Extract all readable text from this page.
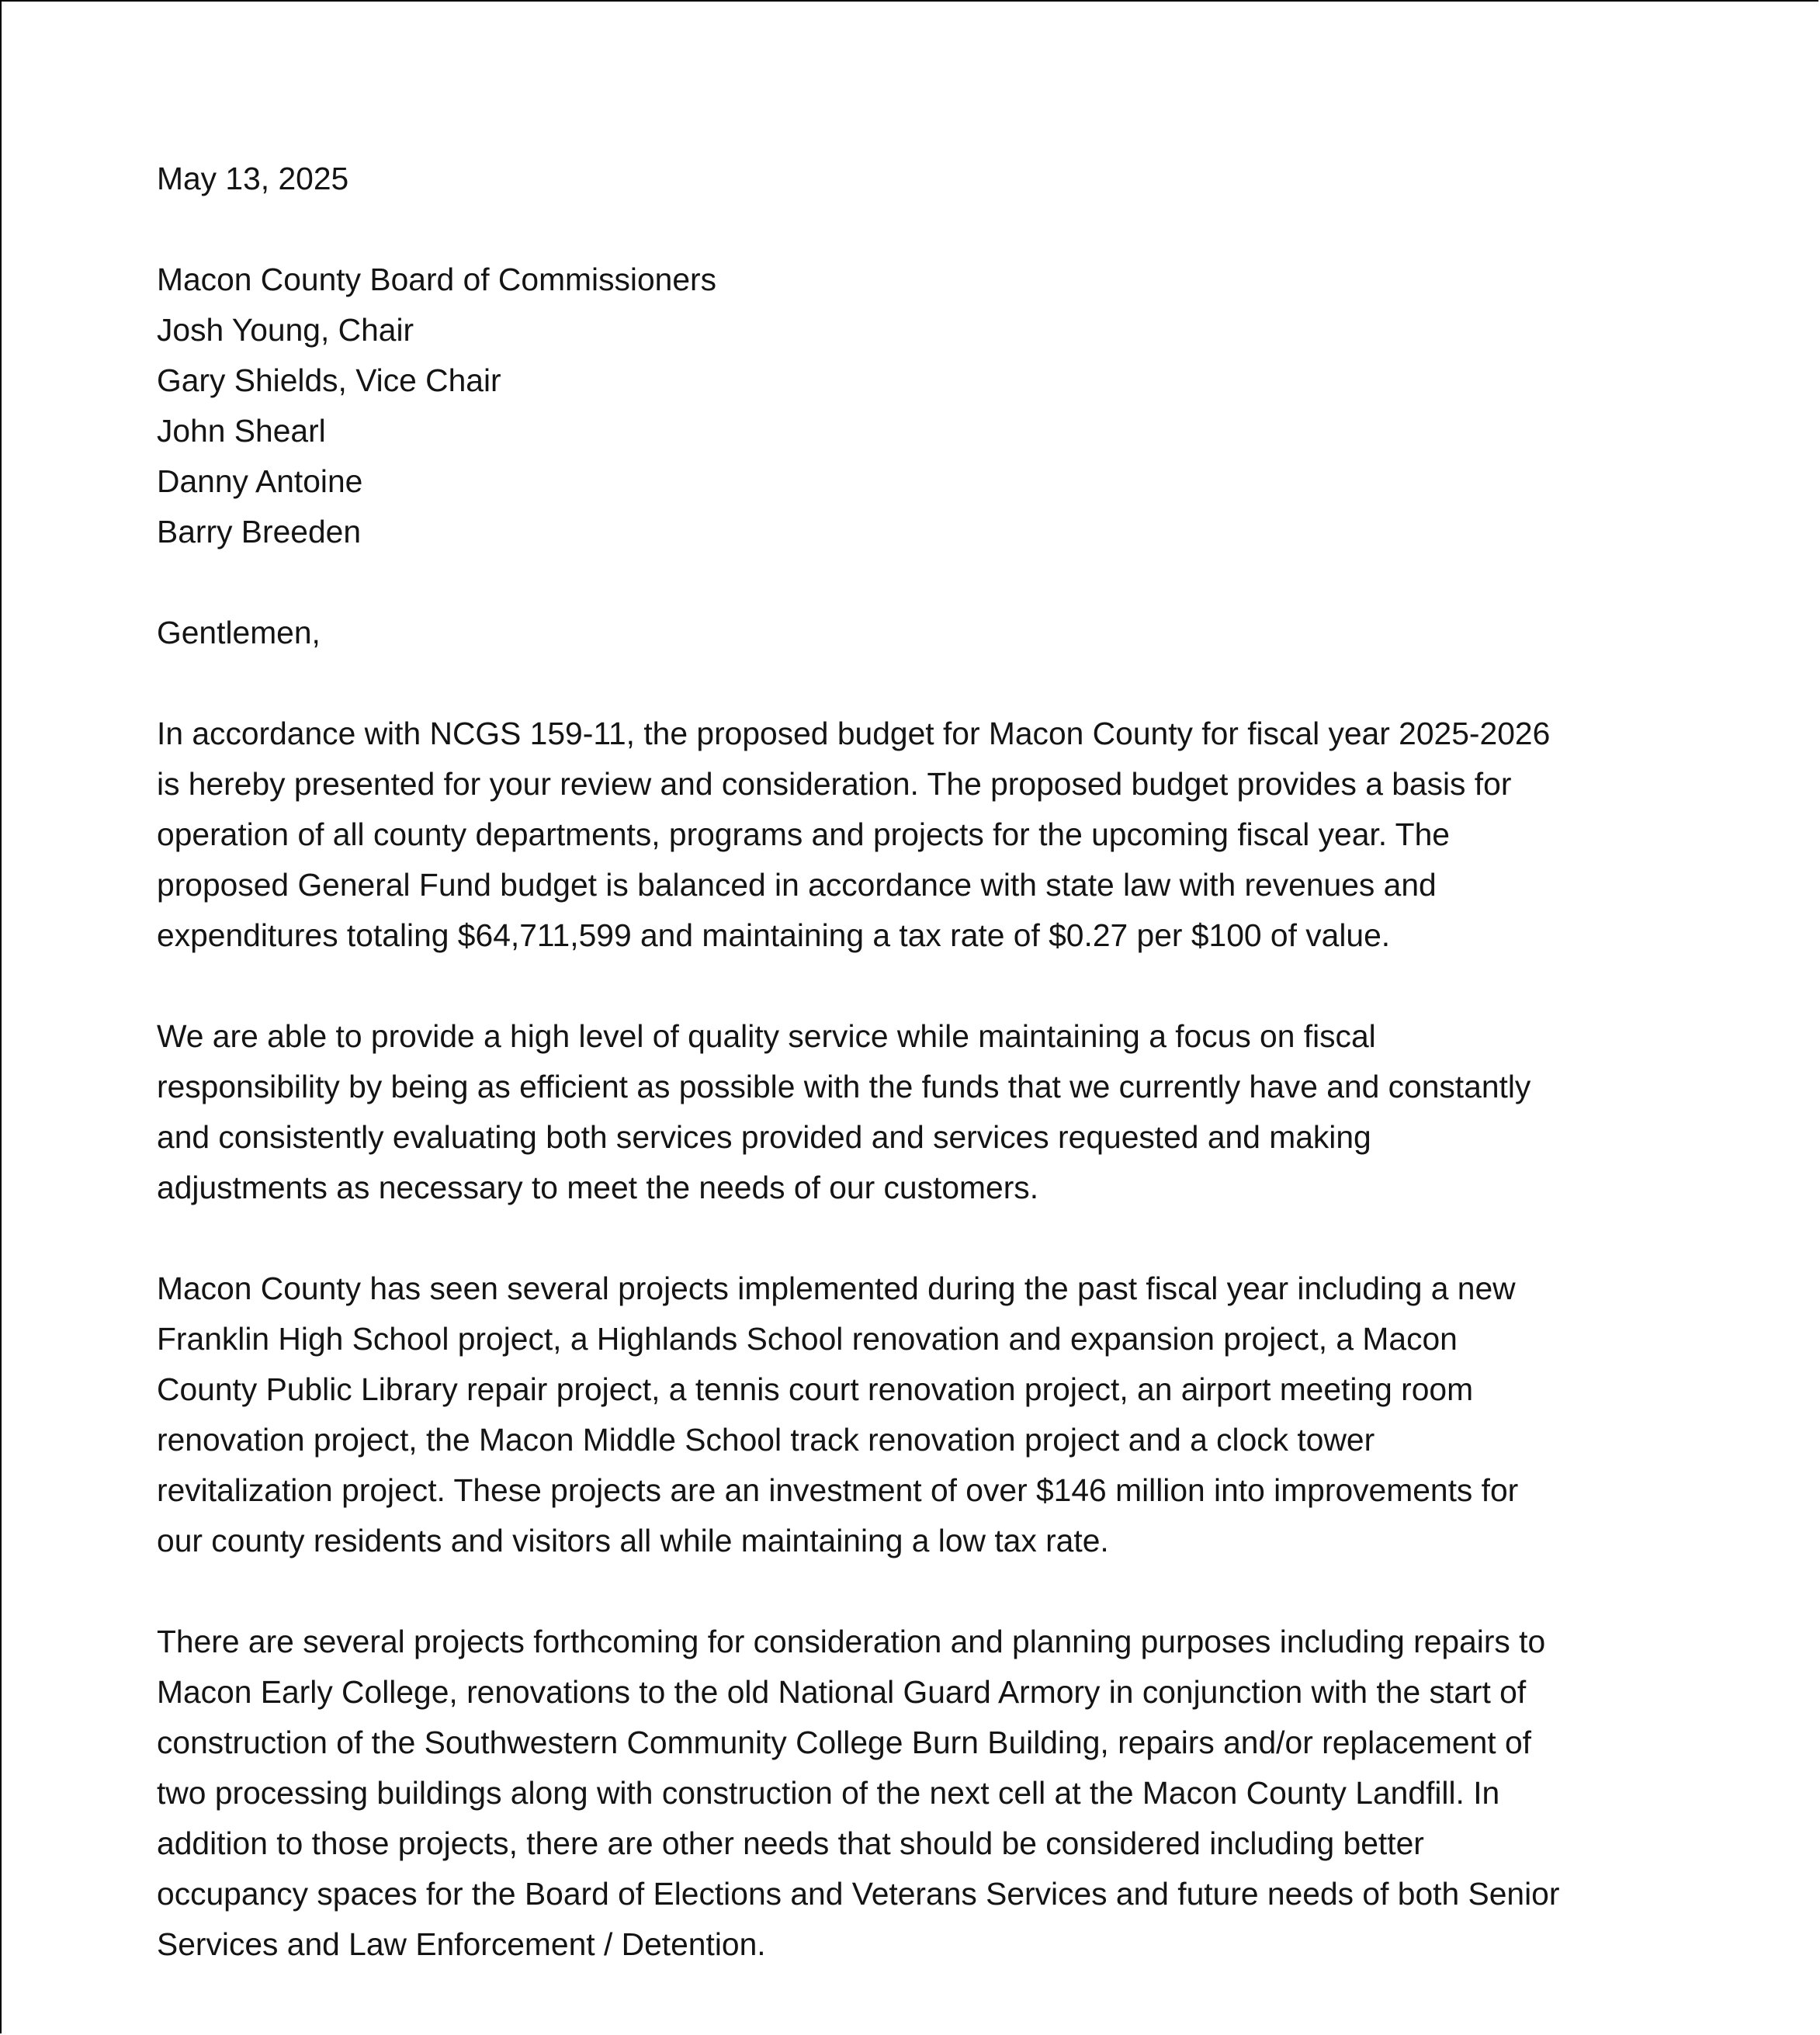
May 13, 2025
Macon County Board of Commissioners
Josh Young, Chair
Gary Shields, Vice Chair
John Shearl
Danny Antoine
Barry Breeden
Gentlemen,
In accordance with NCGS 159-11, the proposed budget for Macon County for fiscal year 2025-2026
is hereby presented for your review and consideration. The proposed budget provides a basis for
operation of all county departments, programs and projects for the upcoming fiscal year. The
proposed General Fund budget is balanced in accordance with state law with revenues and
expenditures totaling $64,711,599 and maintaining a tax rate of $0.27 per $100 of value.
We are able to provide a high level of quality service while maintaining a focus on fiscal
responsibility by being as efficient as possible with the funds that we currently have and constantly
and consistently evaluating both services provided and services requested and making
adjustments as necessary to meet the needs of our customers.
Macon County has seen several projects implemented during the past fiscal year including a new
Franklin High School project, a Highlands School renovation and expansion project, a Macon
County Public Library repair project, a tennis court renovation project, an airport meeting room
renovation project, the Macon Middle School track renovation project and a clock tower
revitalization project. These projects are an investment of over $146 million into improvements for
our county residents and visitors all while maintaining a low tax rate.
There are several projects forthcoming for consideration and planning purposes including repairs to
Macon Early College, renovations to the old National Guard Armory in conjunction with the start of
construction of the Southwestern Community College Burn Building, repairs and/or replacement of
two processing buildings along with construction of the next cell at the Macon County Landfill. In
addition to those projects, there are other needs that should be considered including better
occupancy spaces for the Board of Elections and Veterans Services and future needs of both Senior
Services and Law Enforcement / Detention.
